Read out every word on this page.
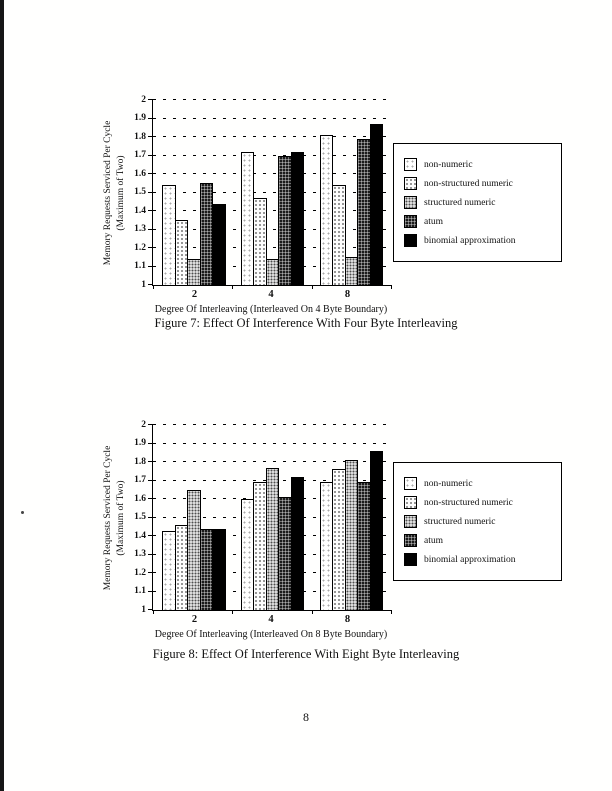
Memory Requests Serviced Per Cycle (Maximum of Two)
1
1.1
1.2
1.3
1.4
1.5
1.6
1.7
1.8
1.9
2
2	4	8
Degree Of Interleaving (Interleaved On 4 Byte Boundary)
non-numeric
non-structured numeric
structured numeric
atum
binomial approximation
Figure 7: Effect Of Interference With Four Byte Interleaving
Memory Requests Serviced Per Cycle (Maximum of Two)
1
1.1
1.2
1.3
1.4
1.5
1.6
1.7
1.8
1.9
2
2	4	8
Degree Of Interleaving (Interleaved On 8 Byte Boundary)
non-numeric
non-structured numeric
structured numeric
atum
binomial approximation
Figure 8: Effect Of Interference With Eight Byte Interleaving
8
